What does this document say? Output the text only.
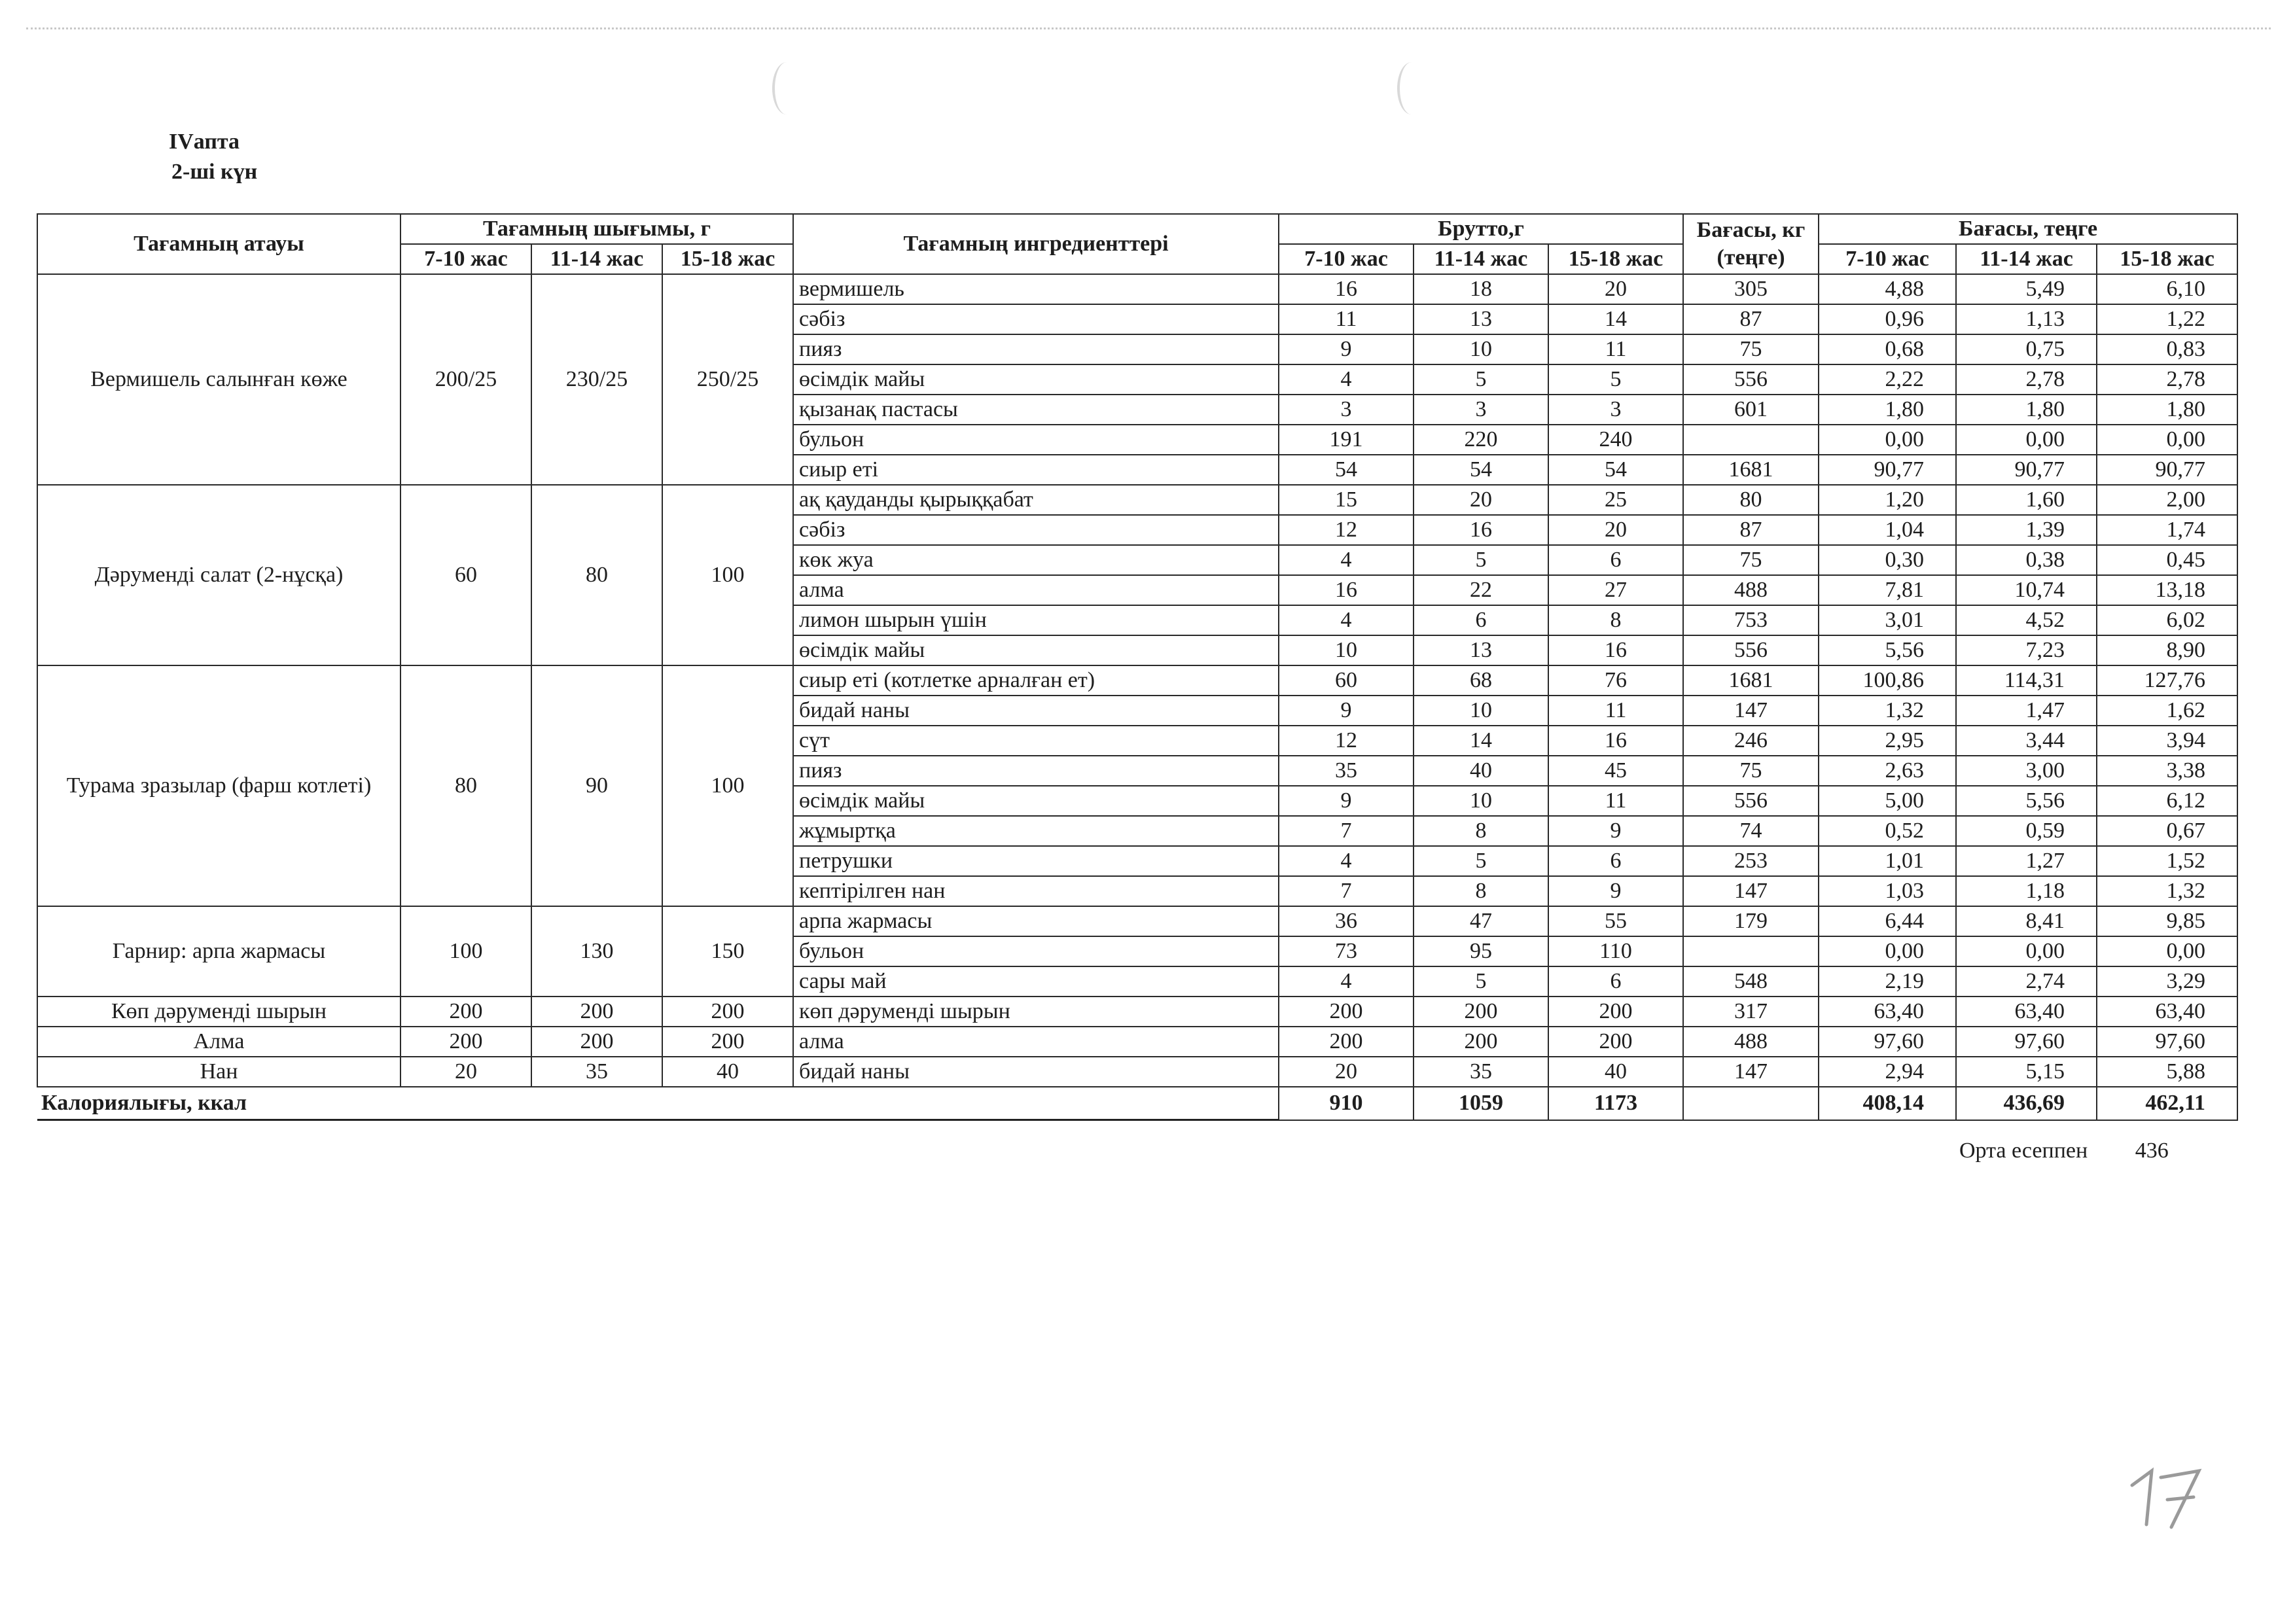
IVапта
2-ші күн
Тағамның атауы	Тағамның шығымы, г			Тағамның ингредиенттері	Брутто,г			Бағасы, кг
(теңге)	Бағасы, теңге		
	7-10 жас	11-14 жас	15-18 жас		7-10 жас	11-14 жас	15-18 жас		7-10 жас	11-14 жас	15-18 жас
Вермишель салынған көже	200/25	230/25	250/25	вермишель	16	18	20	305	4,88	5,49	6,10
				сәбіз	11	13	14	87	0,96	1,13	1,22
				пияз	9	10	11	75	0,68	0,75	0,83
				өсімдік майы	4	5	5	556	2,22	2,78	2,78
				қызанақ пастасы	3	3	3	601	1,80	1,80	1,80
				бульон	191	220	240		0,00	0,00	0,00
				сиыр еті	54	54	54	1681	90,77	90,77	90,77
Дәруменді салат (2-нұсқа)	60	80	100	ақ қауданды қырыққабат	15	20	25	80	1,20	1,60	2,00
				сәбіз	12	16	20	87	1,04	1,39	1,74
				көк жуа	4	5	6	75	0,30	0,38	0,45
				алма	16	22	27	488	7,81	10,74	13,18
				лимон шырын үшін	4	6	8	753	3,01	4,52	6,02
				өсімдік майы	10	13	16	556	5,56	7,23	8,90
Турама зразылар (фарш котлеті)	80	90	100	сиыр еті (котлетке арналған ет)	60	68	76	1681	100,86	114,31	127,76
				бидай наны	9	10	11	147	1,32	1,47	1,62
				сүт	12	14	16	246	2,95	3,44	3,94
				пияз	35	40	45	75	2,63	3,00	3,38
				өсімдік майы	9	10	11	556	5,00	5,56	6,12
				жұмыртқа	7	8	9	74	0,52	0,59	0,67
				петрушки	4	5	6	253	1,01	1,27	1,52
				кептірілген нан	7	8	9	147	1,03	1,18	1,32
Гарнир: арпа жармасы	100	130	150	арпа жармасы	36	47	55	179	6,44	8,41	9,85
				бульон	73	95	110		0,00	0,00	0,00
				сары май	4	5	6	548	2,19	2,74	3,29
Көп дәруменді шырын	200	200	200	көп дәруменді шырын	200	200	200	317	63,40	63,40	63,40
Алма	200	200	200	алма	200	200	200	488	97,60	97,60	97,60
Нан	20	35	40	бидай наны	20	35	40	147	2,94	5,15	5,88
Калориялығы, ккал					910	1059	1173		408,14	436,69	462,11
Орта есеппен 436
